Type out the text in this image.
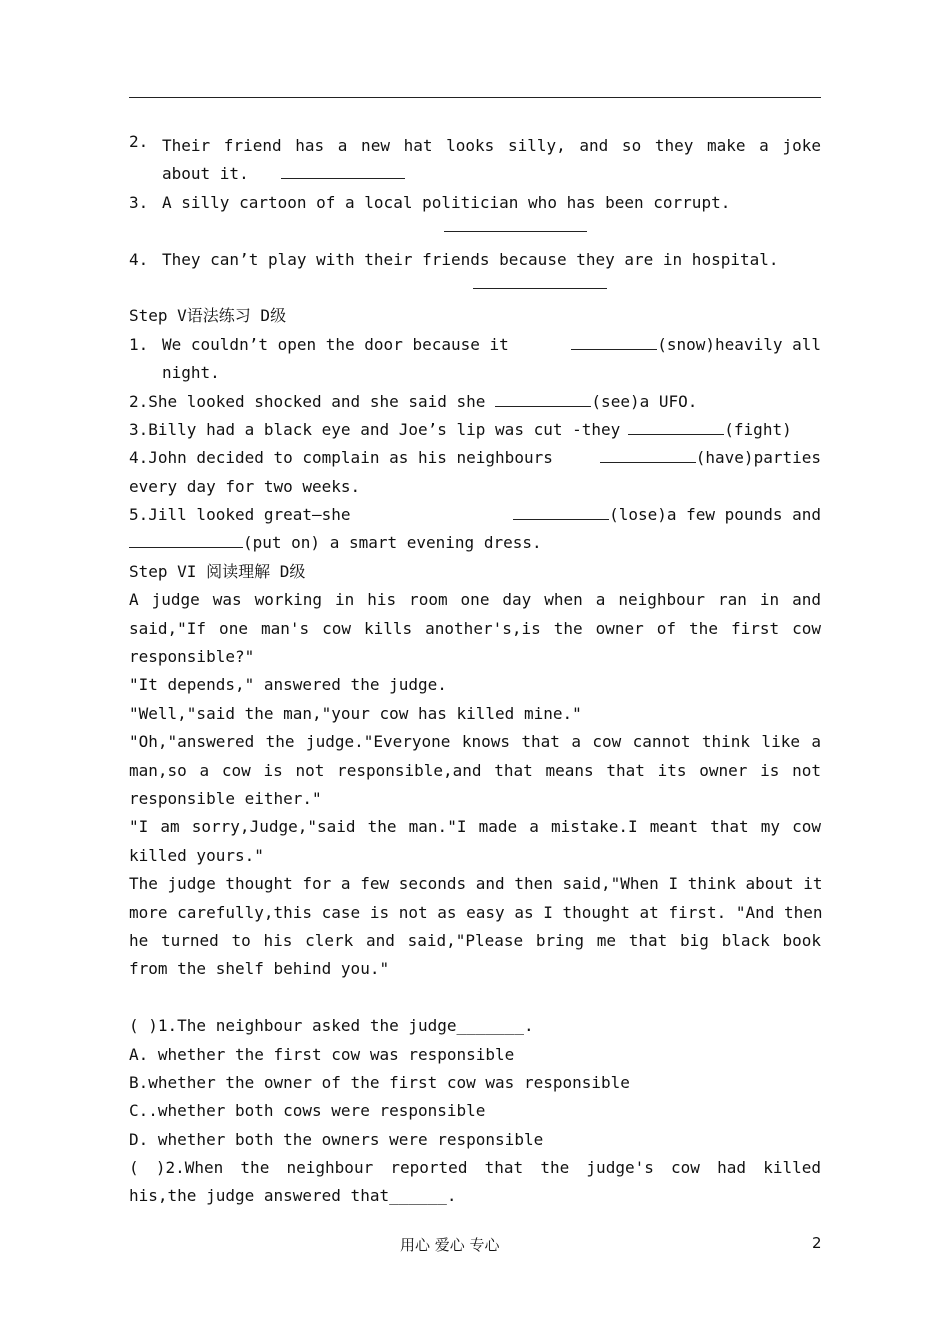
2. Their friend has a new hat looks silly, and so they make a joke
about it.
3. A silly cartoon of a local politician who has been corrupt.
4. They can’t play with their friends because they are in hospital.
Step V语法练习 D级
1. We couldn’t open the door because it	(snow)heavily all
night.
2.She looked shocked and she said she	(see)a UFO.
3.Billy had a black eye and Joe’s lip was cut -they	(fight)
4.John decided to complain as his neighbours	(have)parties
every day for two weeks.
5.Jill looked great—she	(lose)a few pounds and
(put on) a smart evening dress.
Step VI 阅读理解 D级
A judge was working in his room one day when a neighbour ran in and
said,"If one man's cow kills another's,is the owner of the first cow
responsible?"
"It depends," answered the judge.
"Well,"said the man,"your cow has killed mine."
"Oh,"answered the judge."Everyone knows that a cow cannot think like a
man,so a cow is not responsible,and that means that its owner is not
responsible either."
"I am sorry,Judge,"said the man."I made a mistake.I meant that my cow
killed yours."
The judge thought for a few seconds and then said,"When I think about it
more carefully,this case is not as easy as I thought at first. "And then
he turned to his clerk and said,"Please bring me that big black book
from the shelf behind you."
( )1.The neighbour asked the judge_______.
A. whether the first cow was responsible
B.whether the owner of the first cow was responsible
C..whether both cows were responsible
D. whether both the owners were responsible
( )2.When the neighbour reported that the judge's cow had killed
his,the judge answered that______.
用心 爱心 专心	2
